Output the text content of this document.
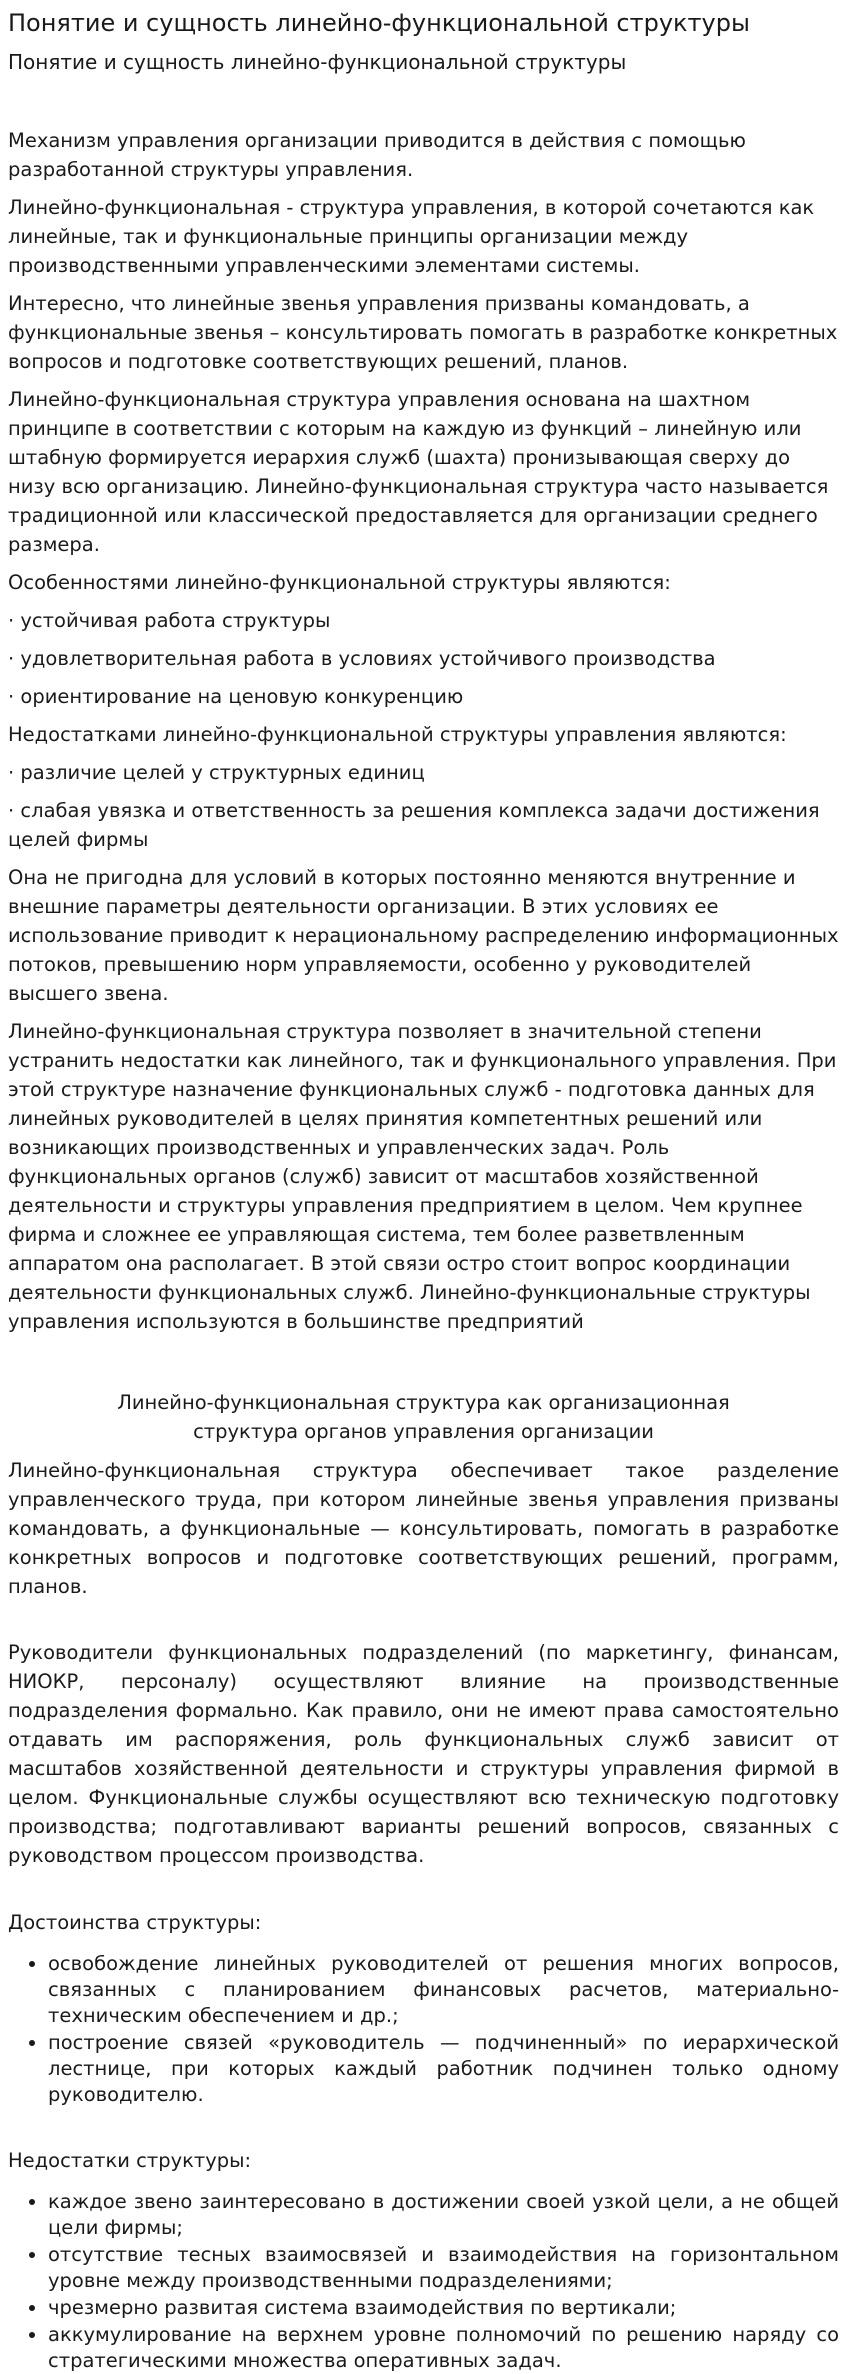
Понятие и сущность линейно-функциональной структуры
Понятие и сущность линейно-функциональной структуры

Механизм управления организации приводится в действия с помощью разработанной структуры управления.

Линейно-функциональная - структура управления, в которой сочетаются как линейные, так и функциональные принципы организации между производственными управленческими элементами системы.

Интересно, что линейные звенья управления призваны командовать, а функциональные звенья – консультировать помогать в разработке конкретных вопросов и подготовке соответствующих решений, планов.

Линейно-функциональная структура управления основана на шахтном принципе в соответствии с которым на каждую из функций – линейную или штабную формируется иерархия служб (шахта) пронизывающая сверху до низу всю организацию. Линейно-функциональная структура часто называется традиционной или классической предоставляется для организации среднего размера.

Особенностями линейно-функциональной структуры являются:

· устойчивая работа структуры

· удовлетворительная работа в условиях устойчивого производства

· ориентирование на ценовую конкуренцию

Недостатками линейно-функциональной структуры управления являются:

· различие целей у структурных единиц

· слабая увязка и ответственность за решения комплекса задачи достижения целей фирмы

Она не пригодна для условий в которых постоянно меняются внутренние и внешние параметры деятельности организации. В этих условиях ее использование приводит к нерациональному распределению информационных потоков, превышению норм управляемости, особенно у руководителей высшего звена.

Линейно-функциональная структура позволяет в значительной степени устранить недостатки как линейного, так и функционального управления. При этой структуре назначение функциональных служб - подготовка данных для линейных руководителей в целях принятия компетентных решений или возникающих производственных и управленческих задач. Роль функциональных органов (служб) зависит от масштабов хозяйственной деятельности и структуры управления предприятием в целом. Чем крупнее фирма и сложнее ее управляющая система, тем более разветвленным аппаратом она располагает. В этой связи остро стоит вопрос координации деятельности функциональных служб. Линейно-функциональные структуры управления используются в большинстве предприятий

Линейно-функциональная структура как организационная
структура органов управления организации

Линейно-функциональная структура обеспечивает такое разделение управленческого труда, при котором линейные звенья управления призваны командовать, а функциональные — консультировать, помогать в разработке конкретных вопросов и подготовке соответствующих решений, программ, планов.

Руководители функциональных подразделений (по маркетингу, финансам, НИОКР, персоналу) осуществляют влияние на производственные подразделения формально. Как правило, они не имеют права самостоятельно отдавать им распоряжения, роль функциональных служб зависит от масштабов хозяйственной деятельности и структуры управления фирмой в целом. Функциональные службы осуществляют всю техническую подготовку производства; подготавливают варианты решений вопросов, связанных с руководством процессом производства.

Достоинства структуры:

• освобождение линейных руководителей от решения многих вопросов, связанных с планированием финансовых расчетов, материально-техническим обеспечением и др.;
• построение связей «руководитель — подчиненный» по иерархической лестнице, при которых каждый работник подчинен только одному руководителю.

Недостатки структуры:

• каждое звено заинтересовано в достижении своей узкой цели, а не общей цели фирмы;
• отсутствие тесных взаимосвязей и взаимодействия на горизонтальном уровне между производственными подразделениями;
• чрезмерно развитая система взаимодействия по вертикали;
• аккумулирование на верхнем уровне полномочий по решению наряду со стратегическими множества оперативных задач.
